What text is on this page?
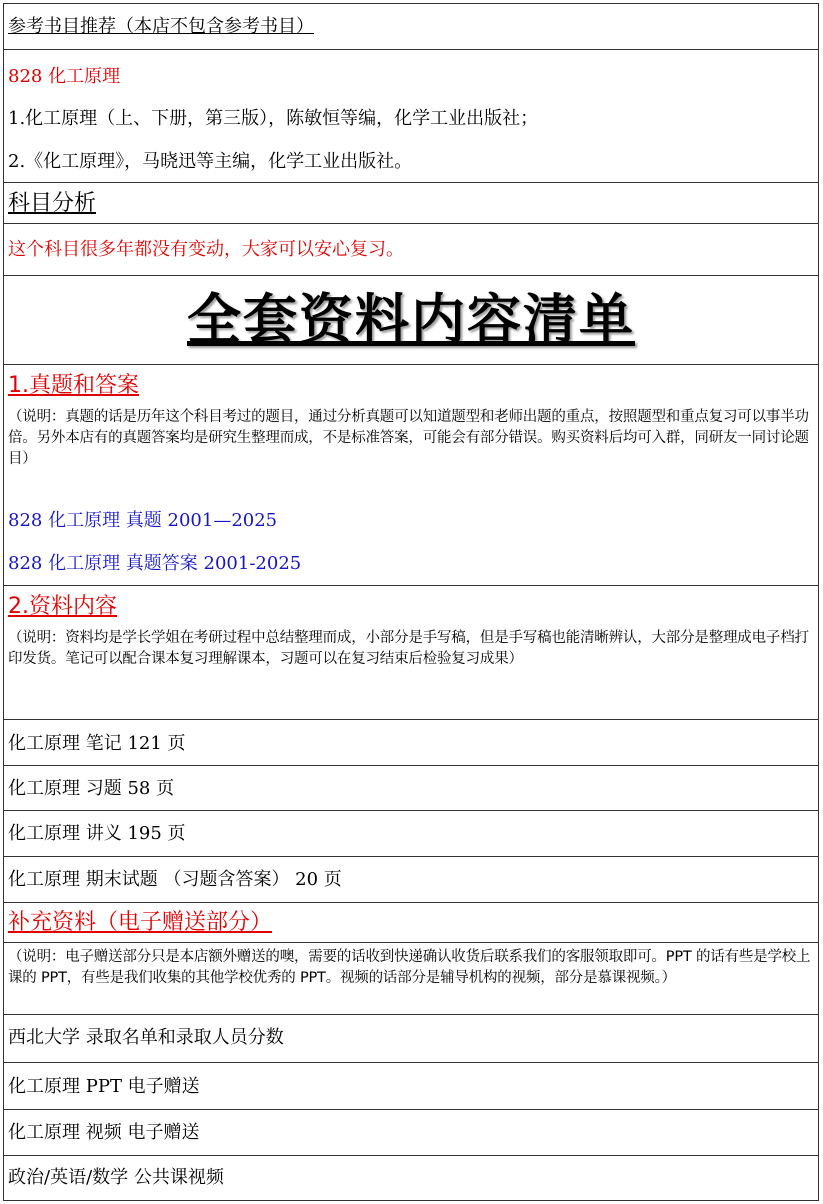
参考书目推荐（本店不包含参考书目）
828 化工原理
1.化工原理（上、下册，第三版），陈敏恒等编，化学工业出版社；
2.《化工原理》，马晓迅等主编，化学工业出版社。
科目分析
这个科目很多年都没有变动，大家可以安心复习。
全套资料内容清单
1.真题和答案
（说明：真题的话是历年这个科目考过的题目，通过分析真题可以知道题型和老师出题的重点，按照题型和重点复习可以事半功倍。另外本店有的真题答案均是研究生整理而成，不是标准答案，可能会有部分错误。购买资料后均可入群，同研友一同讨论题目）
828 化工原理 真题 2001—2025
828 化工原理 真题答案 2001-2025
2.资料内容
（说明：资料均是学长学姐在考研过程中总结整理而成，小部分是手写稿，但是手写稿也能清晰辨认，大部分是整理成电子档打印发货。笔记可以配合课本复习理解课本，习题可以在复习结束后检验复习成果）
化工原理 笔记 121 页
化工原理 习题 58 页
化工原理 讲义 195 页
化工原理 期末试题 （习题含答案） 20 页
补充资料（电子赠送部分）
（说明：电子赠送部分只是本店额外赠送的噢，需要的话收到快递确认收货后联系我们的客服领取即可。PPT 的话有些是学校上课的 PPT，有些是我们收集的其他学校优秀的 PPT。视频的话部分是辅导机构的视频，部分是慕课视频。）
西北大学 录取名单和录取人员分数
化工原理 PPT 电子赠送
化工原理 视频 电子赠送
政治/英语/数学 公共课视频
